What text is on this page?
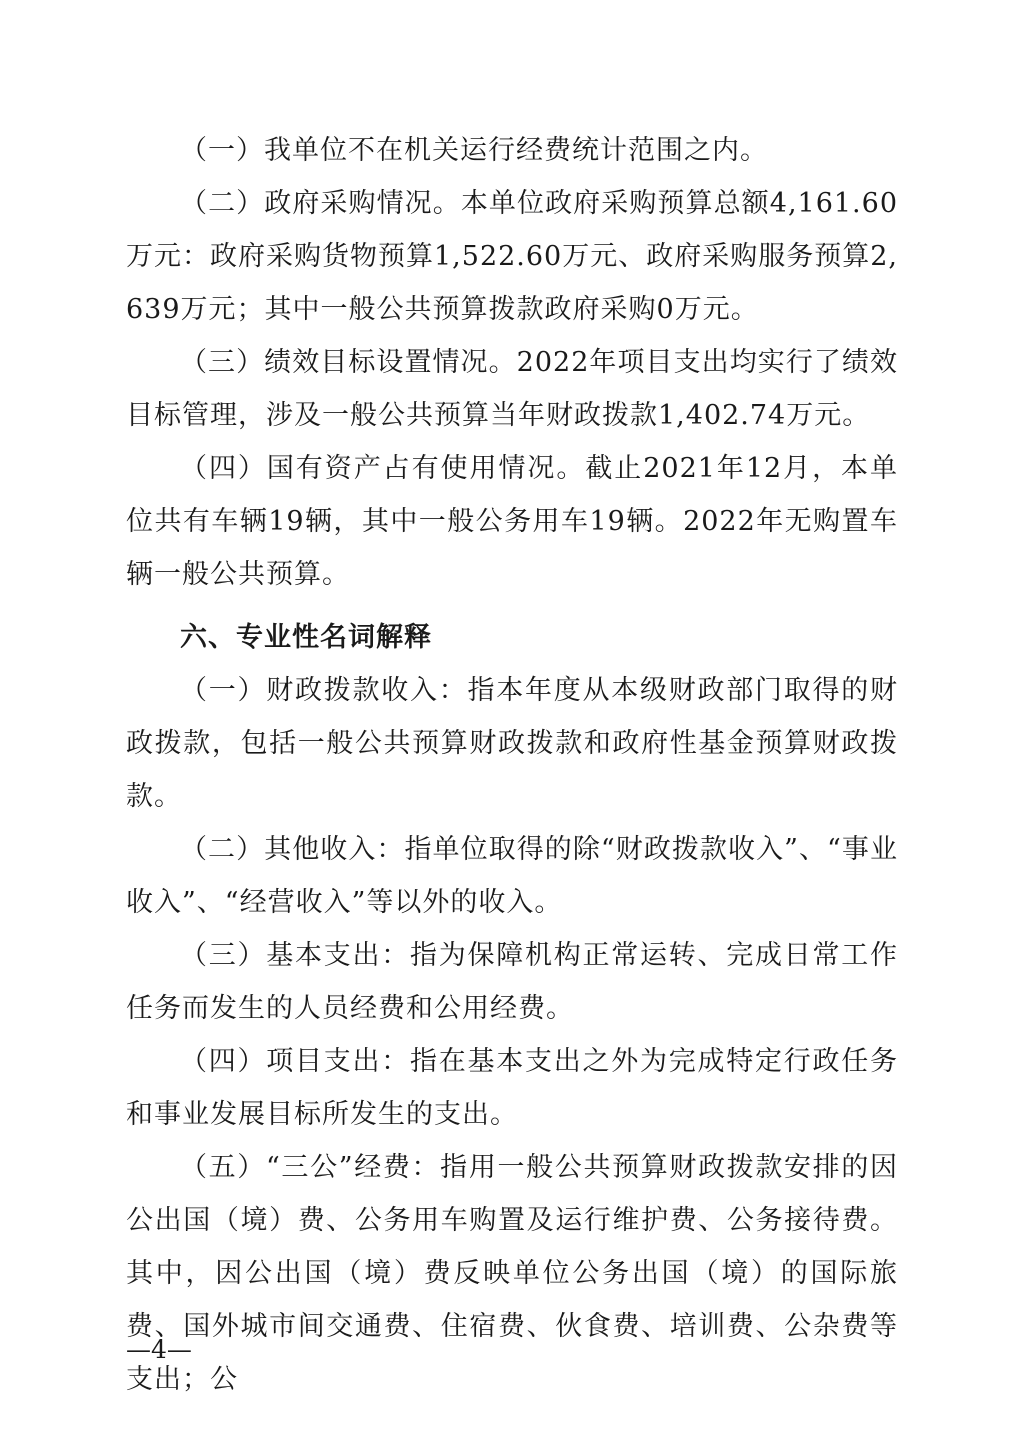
（一）我单位不在机关运行经费统计范围之内。

（二）政府采购情况。本单位政府采购预算总额4,161.60万元：政府采购货物预算1,522.60万元、政府采购服务预算2,639万元；其中一般公共预算拨款政府采购0万元。

（三）绩效目标设置情况。2022年项目支出均实行了绩效目标管理，涉及一般公共预算当年财政拨款1,402.74万元。

（四）国有资产占有使用情况。截止2021年12月，本单位共有车辆19辆，其中一般公务用车19辆。2022年无购置车辆一般公共预算。

六、专业性名词解释

（一）财政拨款收入：指本年度从本级财政部门取得的财政拨款，包括一般公共预算财政拨款和政府性基金预算财政拨款。

（二）其他收入：指单位取得的除“财政拨款收入”、“事业收入”、“经营收入”等以外的收入。

（三）基本支出：指为保障机构正常运转、完成日常工作任务而发生的人员经费和公用经费。

（四）项目支出：指在基本支出之外为完成特定行政任务和事业发展目标所发生的支出。

（五）“三公”经费：指用一般公共预算财政拨款安排的因公出国（境）费、公务用车购置及运行维护费、公务接待费。其中，因公出国（境）费反映单位公务出国（境）的国际旅费、国外城市间交通费、住宿费、伙食费、培训费、公杂费等支出；公

—4—
